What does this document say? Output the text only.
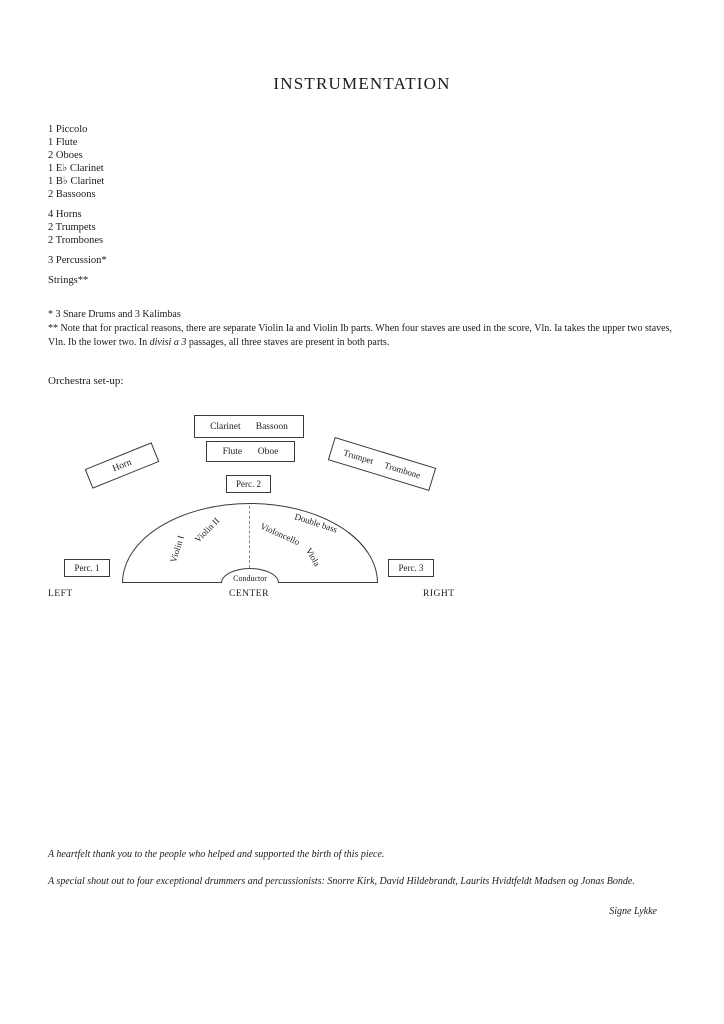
INSTRUMENTATION
1 Piccolo
1 Flute
2 Oboes
1 E♭ Clarinet
1 B♭ Clarinet
2 Bassoons
4 Horns
2 Trumpets
2 Trombones
3 Percussion*
Strings**

* 3 Snare Drums and 3 Kalimbas

** Note that for practical reasons, there are separate Violin Ia and Violin Ib parts. When four staves are used in the score, Vln. Ia takes the upper two staves, Vln. Ib the lower two. In divisi a 3 passages, all three staves are present in both parts.

Orchestra set-up:

Clarinet Bassoon
Flute Oboe
Horn	Trumpet
Trombone
Perc. 2
Violin I
Violin II	Violoncello
Viola
Double bass
Conductor
Perc. 1	Perc. 3
LEFT	CENTER	RIGHT

A heartfelt thank you to the people who helped and supported the birth of this piece.

A special shout out to four exceptional drummers and percussionists: Snorre Kirk, David Hildebrandt, Laurits Hvidtfeldt Madsen og Jonas Bonde.

Signe Lykke
